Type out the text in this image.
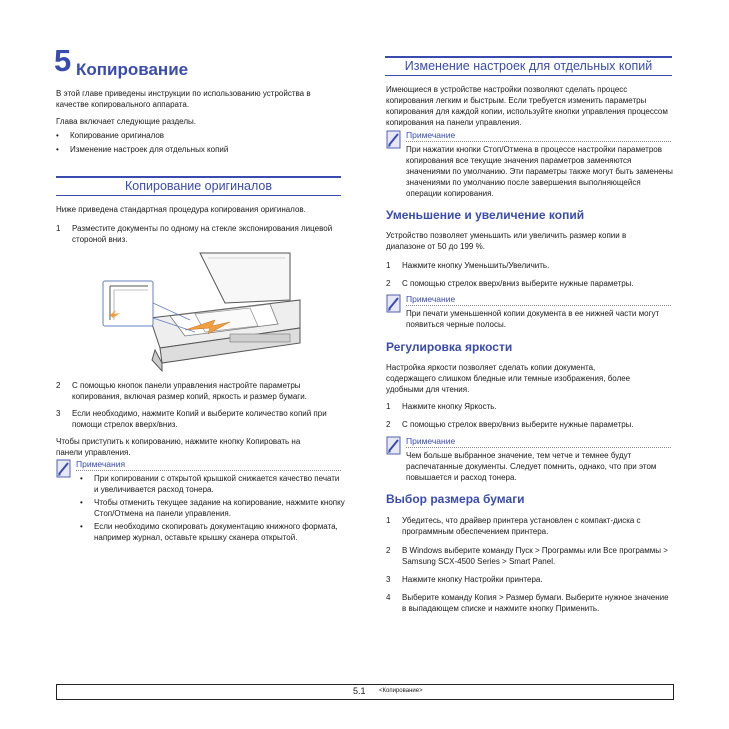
5 Копирование
В этой главе приведены инструкции по использованию устройства в качестве копировального аппарата.
Глава включает следующие разделы.
• Копирование оригиналов
• Изменение настроек для отдельных копий
Копирование оригиналов
Ниже приведена стандартная процедура копирования оригиналов.
1 Разместите документы по одному на стекле экспонирования лицевой стороной вниз.
2 С помощью кнопок панели управления настройте параметры копирования, включая размер копий, яркость и размер бумаги.
3 Если необходимо, нажмите Копий и выберите количество копий при помощи стрелок вверх/вниз.
Чтобы приступить к копированию, нажмите кнопку Копировать на панели управления.
Примечания
• При копировании с открытой крышкой снижается качество печати и увеличивается расход тонера.
• Чтобы отменить текущее задание на копирование, нажмите кнопку Стоп/Отмена на панели управления.
• Если необходимо скопировать документацию книжного формата, например журнал, оставьте крышку сканера открытой.
Изменение настроек для отдельных копий
Имеющиеся в устройстве настройки позволяют сделать процесс копирования легким и быстрым. Если требуется изменить параметры копирования для каждой копии, используйте кнопки управления процессом копирования на панели управления.
Примечание
При нажатии кнопки Стоп/Отмена в процессе настройки параметров копирования все текущие значения параметров заменяются значениями по умолчанию. Эти параметры также могут быть заменены значениями по умолчанию после завершения выполняющейся операции копирования.
Уменьшение и увеличение копий
Устройство позволяет уменьшить или увеличить размер копии в диапазоне от 50 до 199 %.
1 Нажмите кнопку Уменьшить/Увеличить.
2 С помощью стрелок вверх/вниз выберите нужные параметры.
Примечание
При печати уменьшенной копии документа в ее нижней части могут появиться черные полосы.
Регулировка яркости
Настройка яркости позволяет сделать копии документа, содержащего слишком бледные или темные изображения, более удобными для чтения.
1 Нажмите кнопку Яркость.
2 С помощью стрелок вверх/вниз выберите нужные параметры.
Примечание
Чем больше выбранное значение, тем четче и темнее будут распечатанные документы. Следует помнить, однако, что при этом повышается и расход тонера.
Выбор размера бумаги
1 Убедитесь, что драйвер принтера установлен с компакт-диска с программным обеспечением принтера.
2 В Windows выберите команду Пуск > Программы или Все программы > Samsung SCX-4500 Series > Smart Panel.
3 Нажмите кнопку Настройки принтера.
4 Выберите команду Копия > Размер бумаги. Выберите нужное значение в выпадающем списке и нажмите кнопку Применить.
5.1 <Копирование>
